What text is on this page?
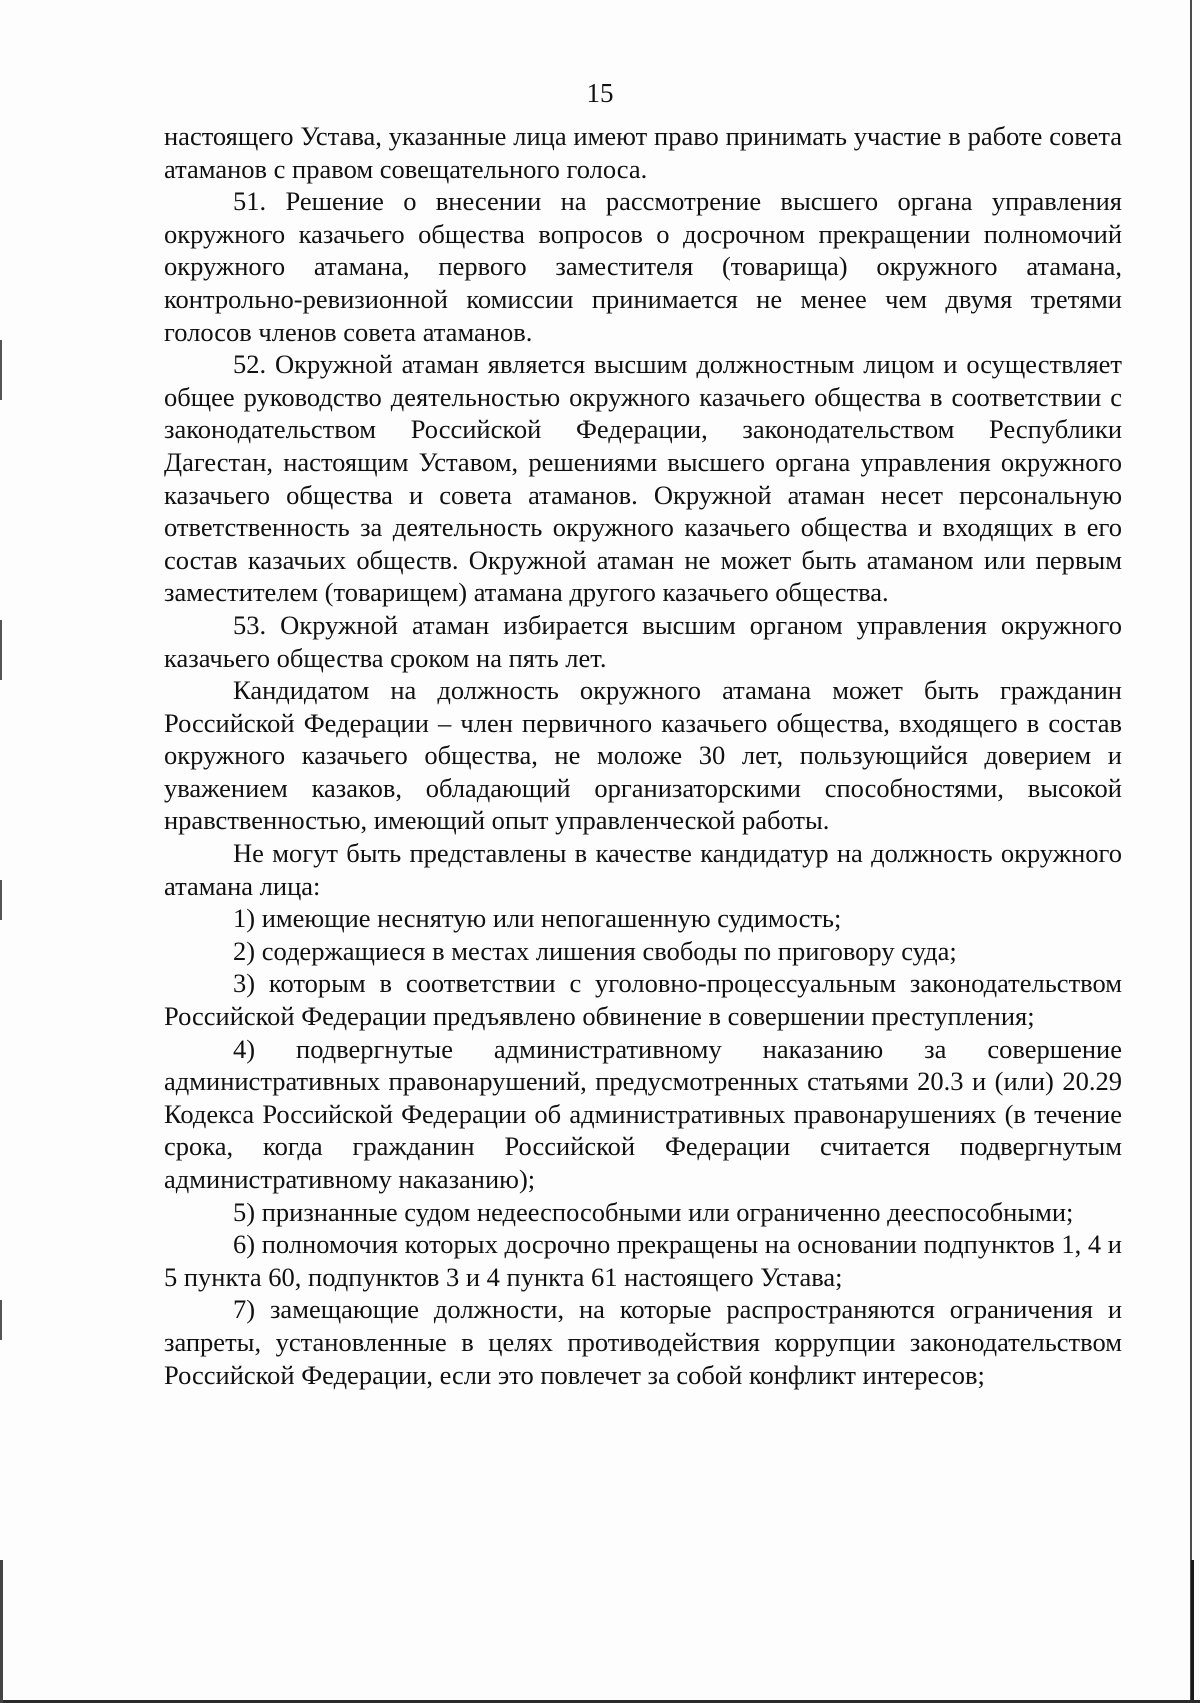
15

настоящего Устава, указанные лица имеют право принимать участие в работе совета атаманов с правом совещательного голоса.

51. Решение о внесении на рассмотрение высшего органа управления окружного казачьего общества вопросов о досрочном прекращении полномочий окружного атамана, первого заместителя (товарища) окружного атамана, контрольно-ревизионной комиссии принимается не менее чем двумя третями голосов членов совета атаманов.

52. Окружной атаман является высшим должностным лицом и осуществляет общее руководство деятельностью окружного казачьего общества в соответствии с законодательством Российской Федерации, законодательством Республики Дагестан, настоящим Уставом, решениями высшего органа управления окружного казачьего общества и совета атаманов. Окружной атаман несет персональную ответственность за деятельность окружного казачьего общества и входящих в его состав казачьих обществ. Окружной атаман не может быть атаманом или первым заместителем (товарищем) атамана другого казачьего общества.

53. Окружной атаман избирается высшим органом управления окружного казачьего общества сроком на пять лет.

Кандидатом на должность окружного атамана может быть гражданин Российской Федерации – член первичного казачьего общества, входящего в состав окружного казачьего общества, не моложе 30 лет, пользующийся доверием и уважением казаков, обладающий организаторскими способностями, высокой нравственностью, имеющий опыт управленческой работы.

Не могут быть представлены в качестве кандидатур на должность окружного атамана лица:

1) имеющие неснятую или непогашенную судимость;

2) содержащиеся в местах лишения свободы по приговору суда;

3) которым в соответствии с уголовно-процессуальным законодательством Российской Федерации предъявлено обвинение в совершении преступления;

4) подвергнутые административному наказанию за совершение административных правонарушений, предусмотренных статьями 20.3 и (или) 20.29 Кодекса Российской Федерации об административных правонарушениях (в течение срока, когда гражданин Российской Федерации считается подвергнутым административному наказанию);

5) признанные судом недееспособными или ограниченно дееспособными;

6) полномочия которых досрочно прекращены на основании подпунктов 1, 4 и 5 пункта 60, подпунктов 3 и 4 пункта 61 настоящего Устава;

7) замещающие должности, на которые распространяются ограничения и запреты, установленные в целях противодействия коррупции законодательством Российской Федерации, если это повлечет за собой конфликт интересов;
